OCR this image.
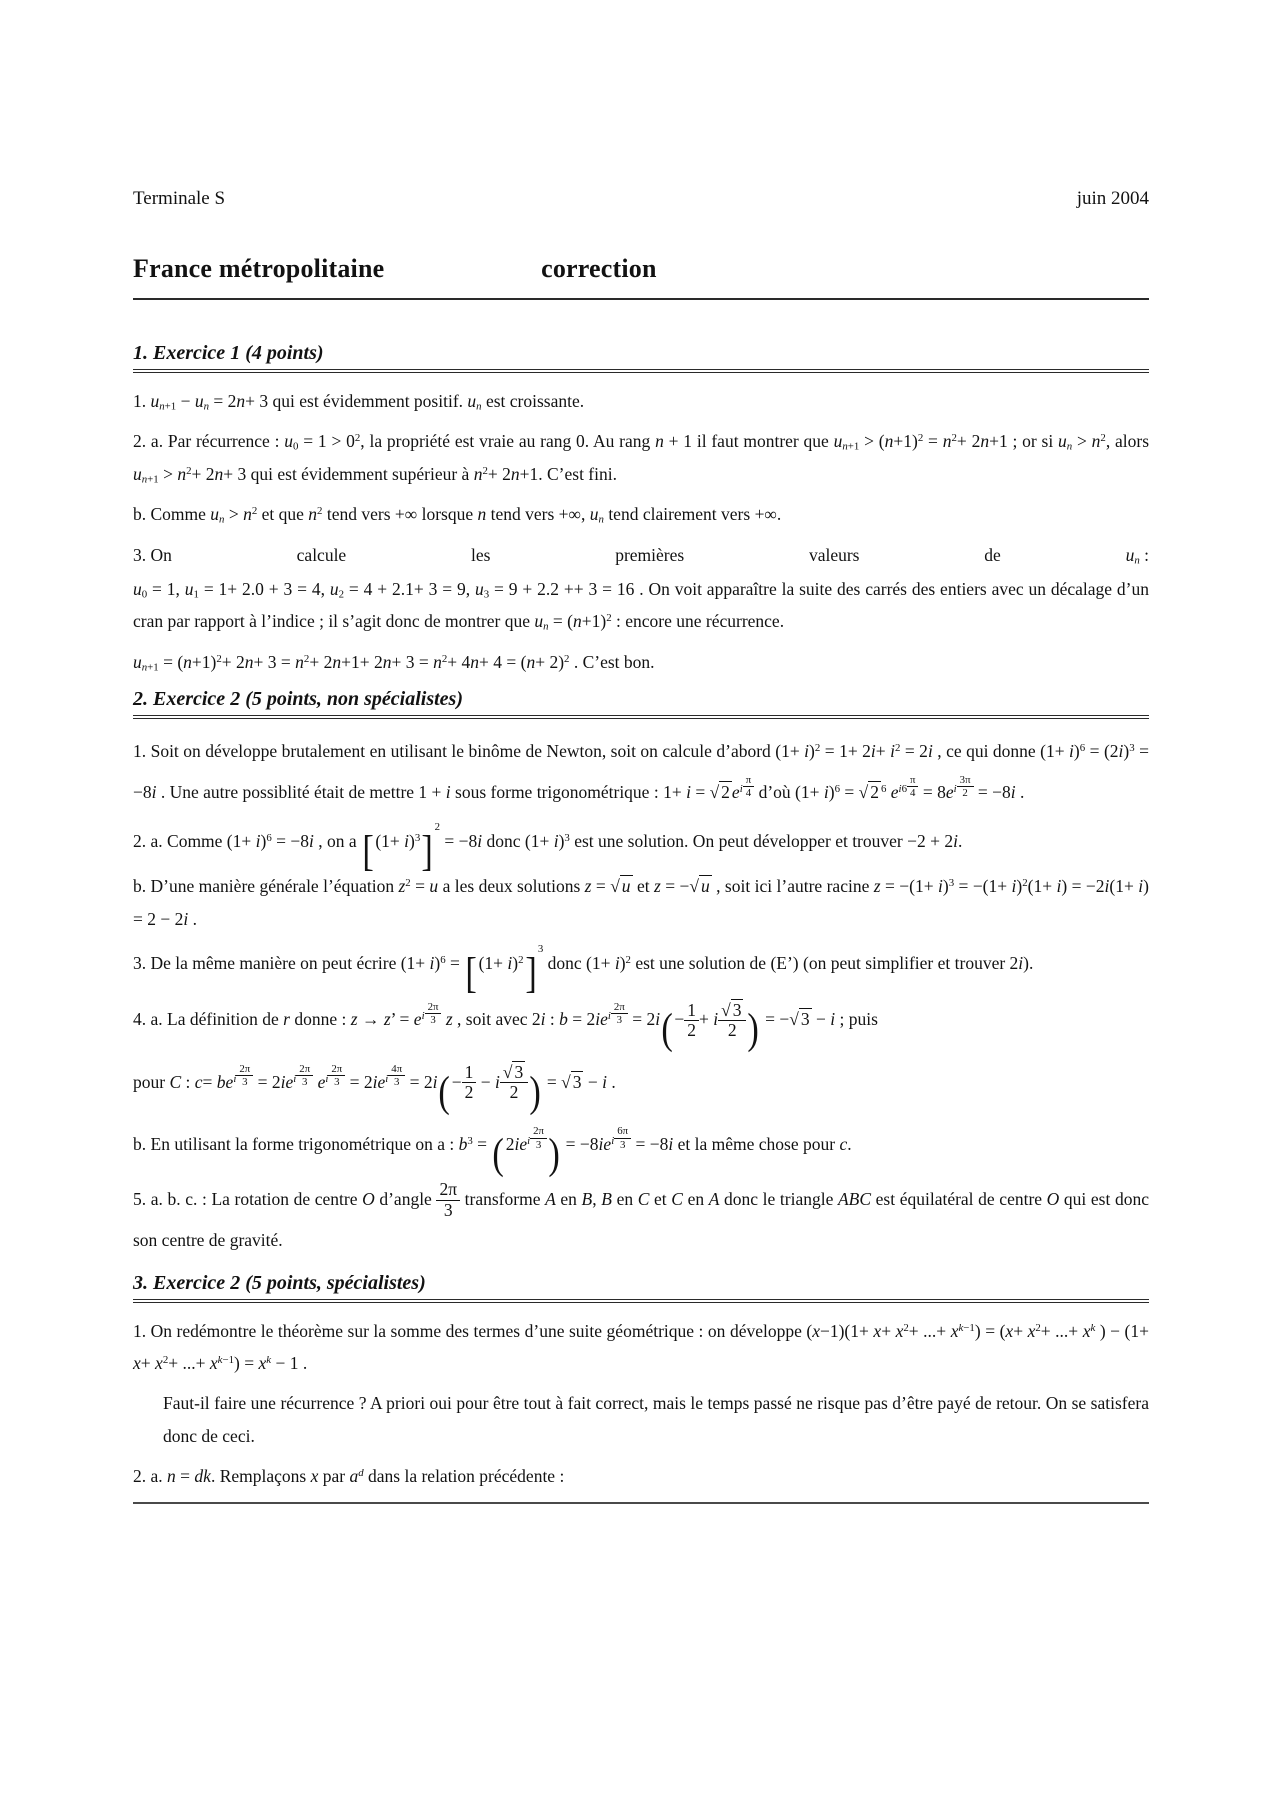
Terminale S	juin 2004
France métropolitaine	correction
1. Exercice 1 (4 points)
1. $u_{n+1} - u_n = 2n+ 3$ qui est évidemment positif. $u_n$ est croissante.
2. a. Par récurrence : $u_0 = 1 > 0^2$, la propriété est vraie au rang 0. Au rang n + 1 il faut montrer que $u_{n+1} > (n+1)^2 = n^2+ 2n+1$ ; or si $u_n > n^2$, alors $u_{n+1} > n^2+ 2n+ 3$ qui est évidemment supérieur à $n^2+ 2n+1$. C’est fini.
b. Comme $u_n > n^2$ et que $n^2$ tend vers +∞ lorsque n tend vers +∞, $u_n$ tend clairement vers +∞.
3. On	calcule	les	premières	valeurs	de	$u_n$ :
$u_0 = 1$, $u_1 = 1+ 2.0 + 3 = 4$, $u_2 = 4 + 2.1+ 3 = 9$, $u_3 = 9 + 2.2 ++ 3 = 16$ . On voit apparaître la suite des carrés des entiers avec un décalage d’un cran par rapport à l’indice ; il s’agit donc de montrer que $u_n = (n+1)^2$ : encore une récurrence.
$u_{n+1} = (n+1)^2+ 2n+ 3 = n^2+ 2n+1+ 2n+ 3 = n^2+ 4n+ 4 = (n+ 2)^2$ . C’est bon.
2. Exercice 2 (5 points, non spécialistes)
1. Soit on développe brutalement en utilisant le binôme de Newton, soit on calcule d’abord $(1+ i)^2 = 1+ 2i+ i^2 = 2i$ , ce qui donne $(1+ i)^6 = (2i)^3 = -8i$ . Une autre possiblité était de mettre 1 + i sous forme trigonométrique : 1+ i = √ 2 $e^{i \frac{\pi}{4}}$ d’où $(1+ i)^6$ = √ 2 $^6$ $e^{i6 \frac{\pi}{4}} = 8e^{i \frac{3\pi}{2}} = -8i$ .
2. a. Comme $(1+ i)^6 = -8i$ , on a $[(1+ i)^3]^2 = -8i$ donc $(1+ i)^3$ est une solution. On peut développer et trouver −2 + 2i.
b. D’une manière générale l’équation $z^2 = u$ a les deux solutions z = √ u et z = −√ u , soit ici l’autre racine $z = -(1+ i)^3 = -(1+ i)^2(1+ i) = -2i(1+ i) = 2 - 2i$ .
3. De la même manière on peut écrire $(1+ i)^6 = [(1+ i)^2]^3$ donc $(1+ i)^2$ est une solution de (E’) (on peut simplifier et trouver 2i).
4. a. La définition de r donne : z → z’ = $e^{i \frac{2\pi}{3}}$ z , soit avec 2i : $b = 2ie^{i \frac{2\pi}{3}} = 2i(- \frac{1}{2} + i \frac{√ 3}{2}$ ) = −√ 3 − i ; puis
pour C : $c= be^{i \frac{2\pi}{3}} = 2ie^{i \frac{2\pi}{3}}$ $e^{i \frac{2\pi}{3}} = 2ie^{i \frac{4\pi}{3}} = 2i(- \frac{1}{2} - i \frac{√ 3}{2}$ ) = √ 3 − i .
b. En utilisant la forme trigonométrique on a : $b^3 = (2ie^{i \frac{2\pi}{3}}$ ) = $-8ie^{i \frac{6\pi}{3}} = -8i$ et la même chose pour c.
5. a. b. c. : La rotation de centre O d’angle $\frac{2\pi}{3}$ transforme A en B, B en C et C en A donc le triangle ABC est équilatéral de centre O qui est donc son centre de gravité.
3. Exercice 2 (5 points, spécialistes)
1. On redémontre le théorème sur la somme des termes d’une suite géométrique : on développe $(x-1)(1+ x+ x^2+$ ...+ $x^{k-1}) = (x+ x^2+$ ...+ $x^k$ ) − ($1+ x+ x^2+$ ...+ $x^{k-1}) = x^k - 1$ .
Faut-il faire une récurrence ? A priori oui pour être tout à fait correct, mais le temps passé ne risque pas d’être payé de retour. On se satisfera donc de ceci.
2. a. n = dk. Remplaçons x par $a^d$ dans la relation précédente :
